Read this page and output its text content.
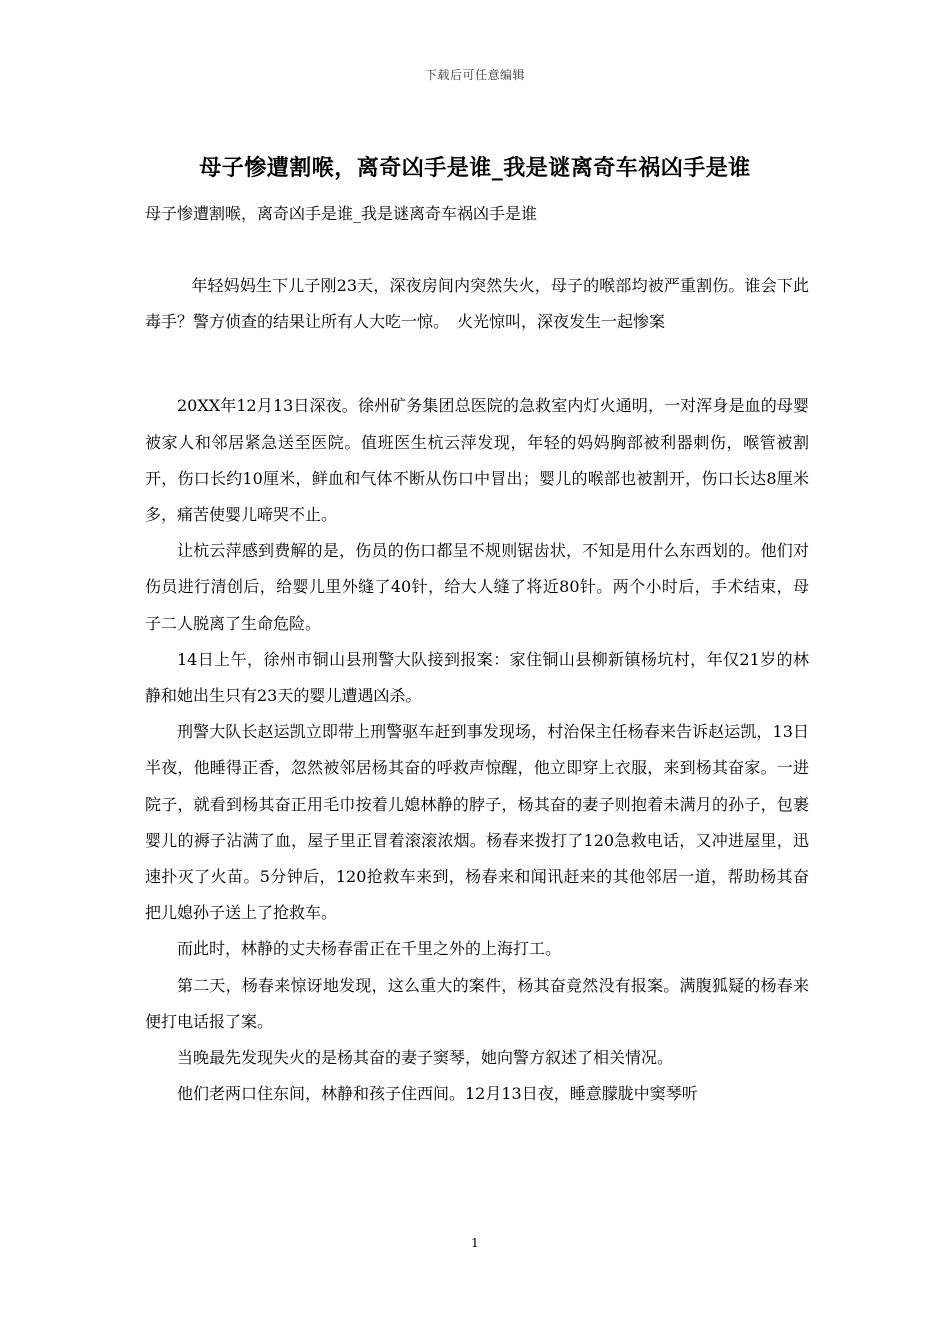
下载后可任意编辑
母子惨遭割喉，离奇凶手是谁_我是谜离奇车祸凶手是谁
母子惨遭割喉，离奇凶手是谁_我是谜离奇车祸凶手是谁

年轻妈妈生下儿子刚23天，深夜房间内突然失火，母子的喉部均被严重割伤。谁会下此毒手？警方侦查的结果让所有人大吃一惊。　火光惊叫，深夜发生一起惨案

20XX年12月13日深夜。徐州矿务集团总医院的急救室内灯火通明，一对浑身是血的母婴被家人和邻居紧急送至医院。值班医生杭云萍发现，年轻的妈妈胸部被利器刺伤，喉管被割开，伤口长约10厘米，鲜血和气体不断从伤口中冒出；婴儿的喉部也被割开，伤口长达8厘米多，痛苦使婴儿啼哭不止。

让杭云萍感到费解的是，伤员的伤口都呈不规则锯齿状，不知是用什么东西划的。他们对伤员进行清创后，给婴儿里外缝了40针，给大人缝了将近80针。两个小时后，手术结束，母子二人脱离了生命危险。

14日上午，徐州市铜山县刑警大队接到报案：家住铜山县柳新镇杨坑村，年仅21岁的林静和她出生只有23天的婴儿遭遇凶杀。

刑警大队长赵运凯立即带上刑警驱车赶到事发现场，村治保主任杨春来告诉赵运凯，13日半夜，他睡得正香，忽然被邻居杨其奋的呼救声惊醒，他立即穿上衣服，来到杨其奋家。一进院子，就看到杨其奋正用毛巾按着儿媳林静的脖子，杨其奋的妻子则抱着未满月的孙子，包裹婴儿的褥子沾满了血，屋子里正冒着滚滚浓烟。杨春来拨打了120急救电话，又冲进屋里，迅速扑灭了火苗。5分钟后，120抢救车来到，杨春来和闻讯赶来的其他邻居一道，帮助杨其奋把儿媳孙子送上了抢救车。

而此时，林静的丈夫杨春雷正在千里之外的上海打工。

第二天，杨春来惊讶地发现，这么重大的案件，杨其奋竟然没有报案。满腹狐疑的杨春来便打电话报了案。

当晚最先发现失火的是杨其奋的妻子窦琴，她向警方叙述了相关情况。

他们老两口住东间，林静和孩子住西间。12月13日夜，睡意朦胧中窦琴听

1
